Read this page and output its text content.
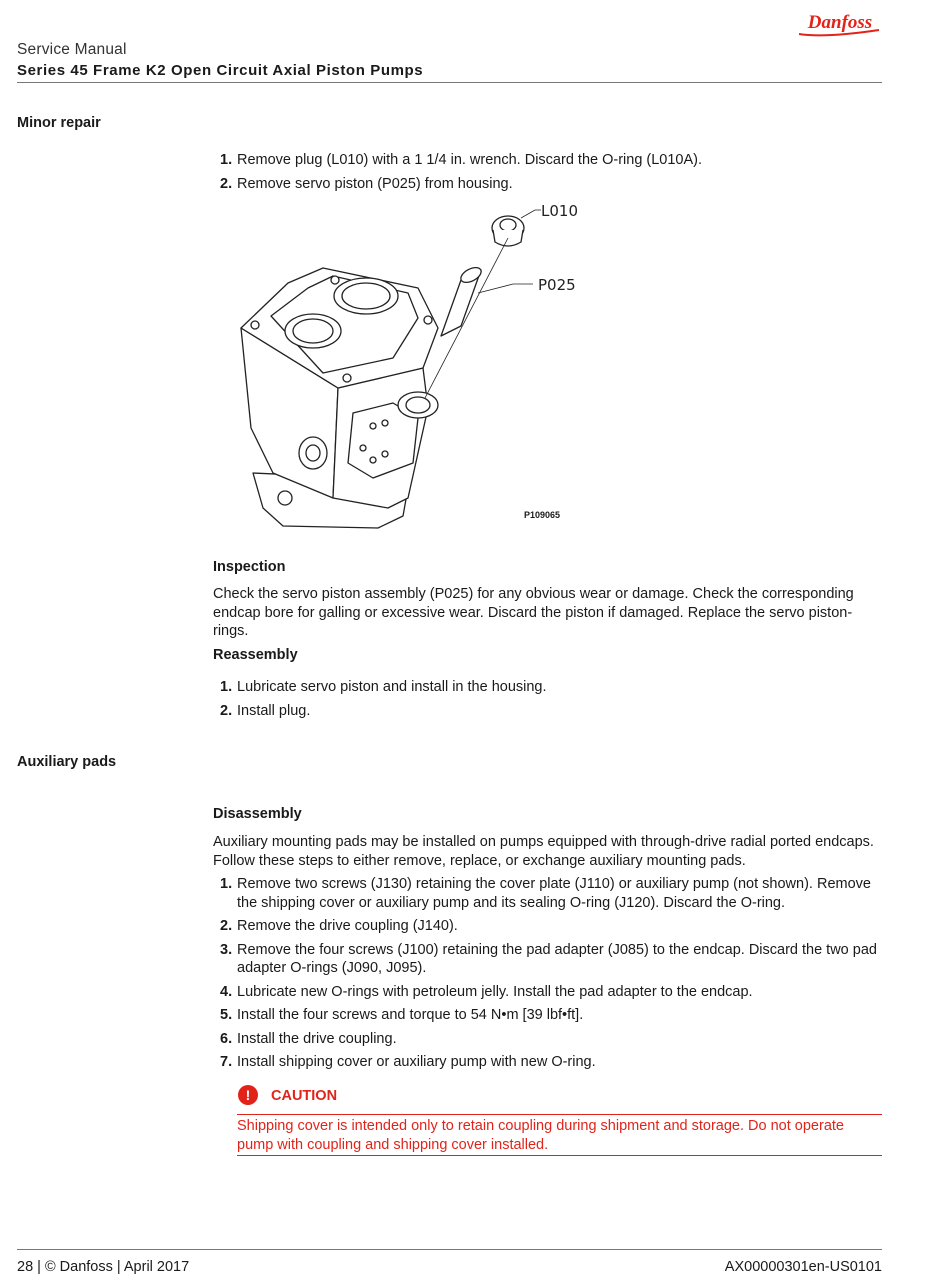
Danfoss
Service Manual
Series 45 Frame K2 Open Circuit Axial Piston Pumps
Minor repair
1. Remove plug (L010) with a 1 1/4 in. wrench. Discard the O-ring (L010A).
2. Remove servo piston (P025) from housing.
L010
P025
P109065
Inspection
Check the servo piston assembly (P025) for any obvious wear or damage. Check the corresponding endcap bore for galling or excessive wear. Discard the piston if damaged. Replace the servo piston-rings.
Reassembly
1. Lubricate servo piston and install in the housing.
2. Install plug.
Auxiliary pads
Disassembly
Auxiliary mounting pads may be installed on pumps equipped with through-drive radial ported endcaps. Follow these steps to either remove, replace, or exchange auxiliary mounting pads.
1. Remove two screws (J130) retaining the cover plate (J110) or auxiliary pump (not shown). Remove the shipping cover or auxiliary pump and its sealing O-ring (J120). Discard the O-ring.
2. Remove the drive coupling (J140).
3. Remove the four screws (J100) retaining the pad adapter (J085) to the endcap. Discard the two pad adapter O-rings (J090, J095).
4. Lubricate new O-rings with petroleum jelly. Install the pad adapter to the endcap.
5. Install the four screws and torque to 54 N•m [39 lbf•ft].
6. Install the drive coupling.
7. Install shipping cover or auxiliary pump with new O-ring.
!	CAUTION
Shipping cover is intended only to retain coupling during shipment and storage. Do not operate pump with coupling and shipping cover installed.
28 | © Danfoss | April 2017	AX00000301en-US0101
